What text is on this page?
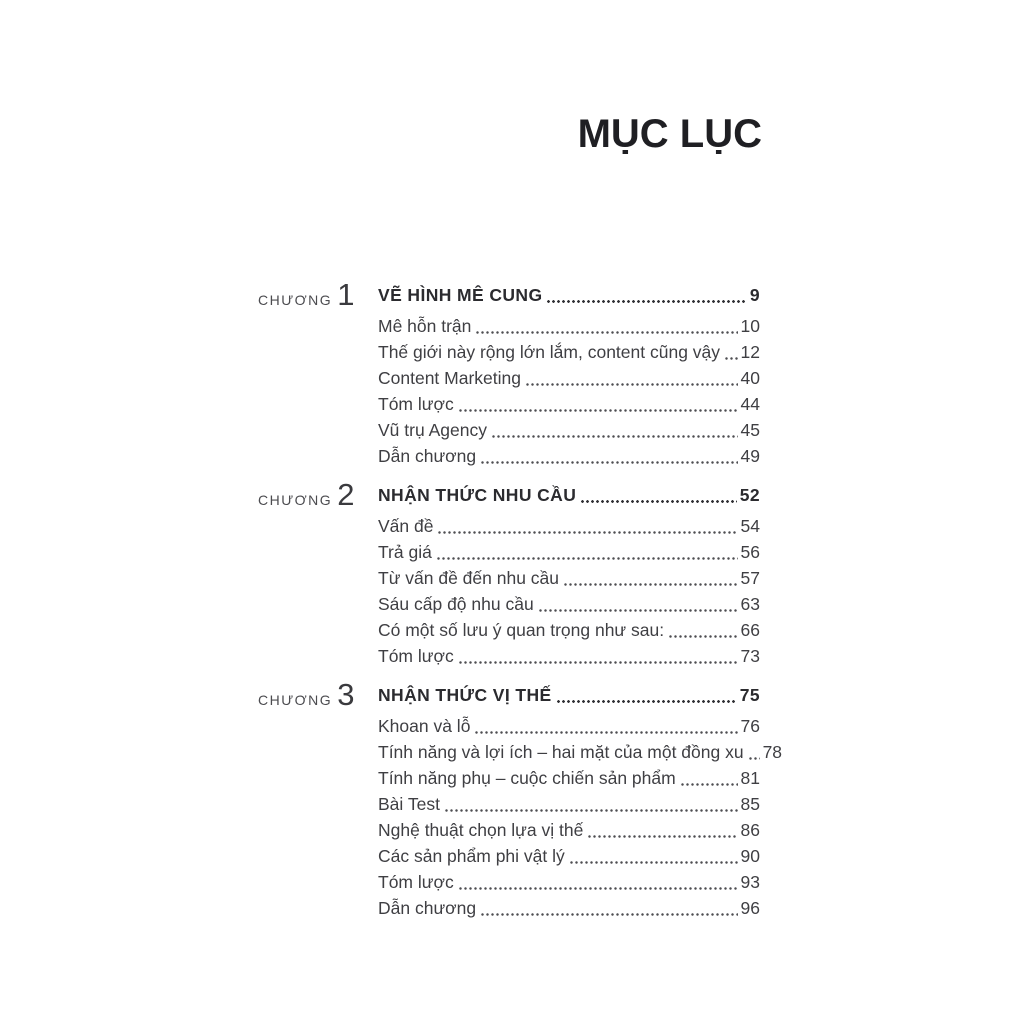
MỤC LỤC
CHƯƠNG 1 VẼ HÌNH MÊ CUNG	9
Mê hỗn trận	10
Thế giới này rộng lớn lắm, content cũng vậy 12
Content Marketing	40
Tóm lược	44
Vũ trụ Agency	45
Dẫn chương	49
CHƯƠNG 2 NHẬN THỨC NHU CẦU	52
Vấn đề	54
Trả giá	56
Từ vấn đề đến nhu cầu	57
Sáu cấp độ nhu cầu	63
Có một số lưu ý quan trọng như sau:	66
Tóm lược	73
CHƯƠNG 3 NHẬN THỨC VỊ THẾ	75
Khoan và lỗ	76
Tính năng và lợi ích – hai mặt của một đồng xu 78
Tính năng phụ – cuộc chiến sản phẩm	81
Bài Test	85
Nghệ thuật chọn lựa vị thế	86
Các sản phẩm phi vật lý	90
Tóm lược	93
Dẫn chương	96
